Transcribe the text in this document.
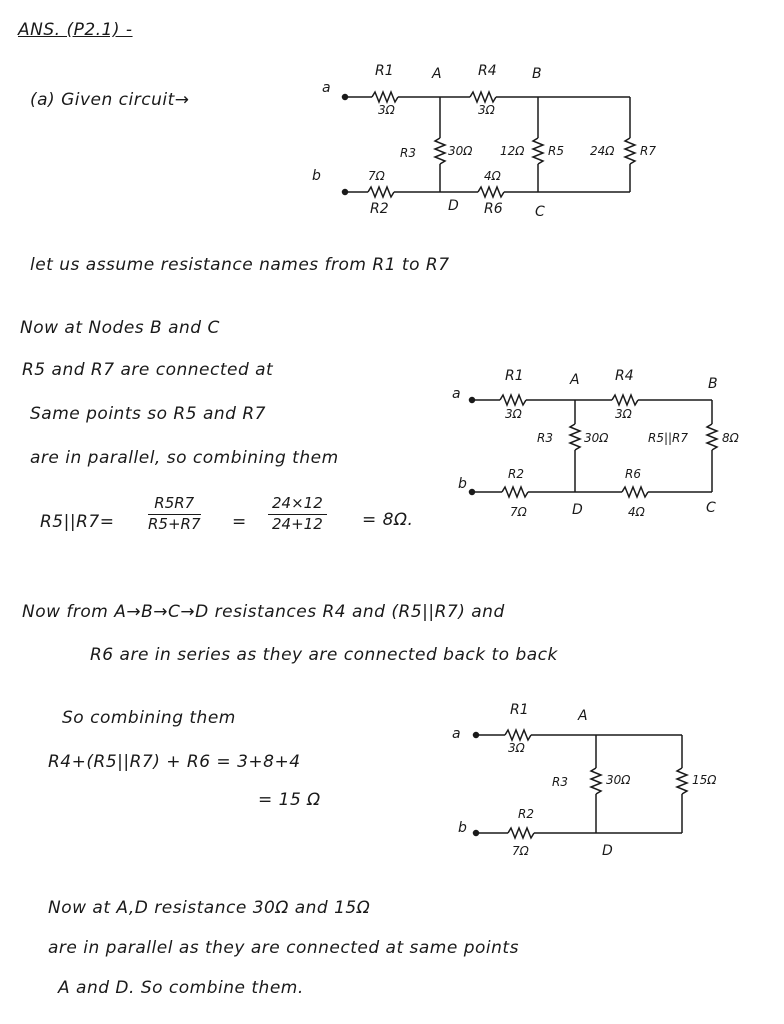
ANS. (P2.1) -
(a) Given circuit→
a
b
R1
3Ω
A	R4
3Ω
B
R3	30Ω 12Ω R5 24Ω R7
7Ω
R2
4Ω
D R6 C
let us assume resistance names from R1 to R7
Now at Nodes B and C
R5 and R7 are connected at
Same points so R5 and R7
are in parallel, so combining them
$R5||R7= \frac{R5R7}{R5+R7} = \frac{24\times 12}{24+12} = 8\Omega$.
a
b
R1
3Ω
A	R4
3Ω
B
R3	30Ω	R5||R7	8Ω
R2
7Ω
R6
4Ω
D	C
Now from A→B→C→D resistances R4 and (R5||R7) and
R6 are in series as they are connected back to back
So combining them
R4+(R5||R7) + R6 = 3+8+4
= 15 Ω
a
b
R1
3Ω
A
R3	30Ω	15Ω
R2
7Ω	D
Now at A,D resistance 30Ω and 15Ω
are in parallel as they are connected at same points
A and D. So combine them.
